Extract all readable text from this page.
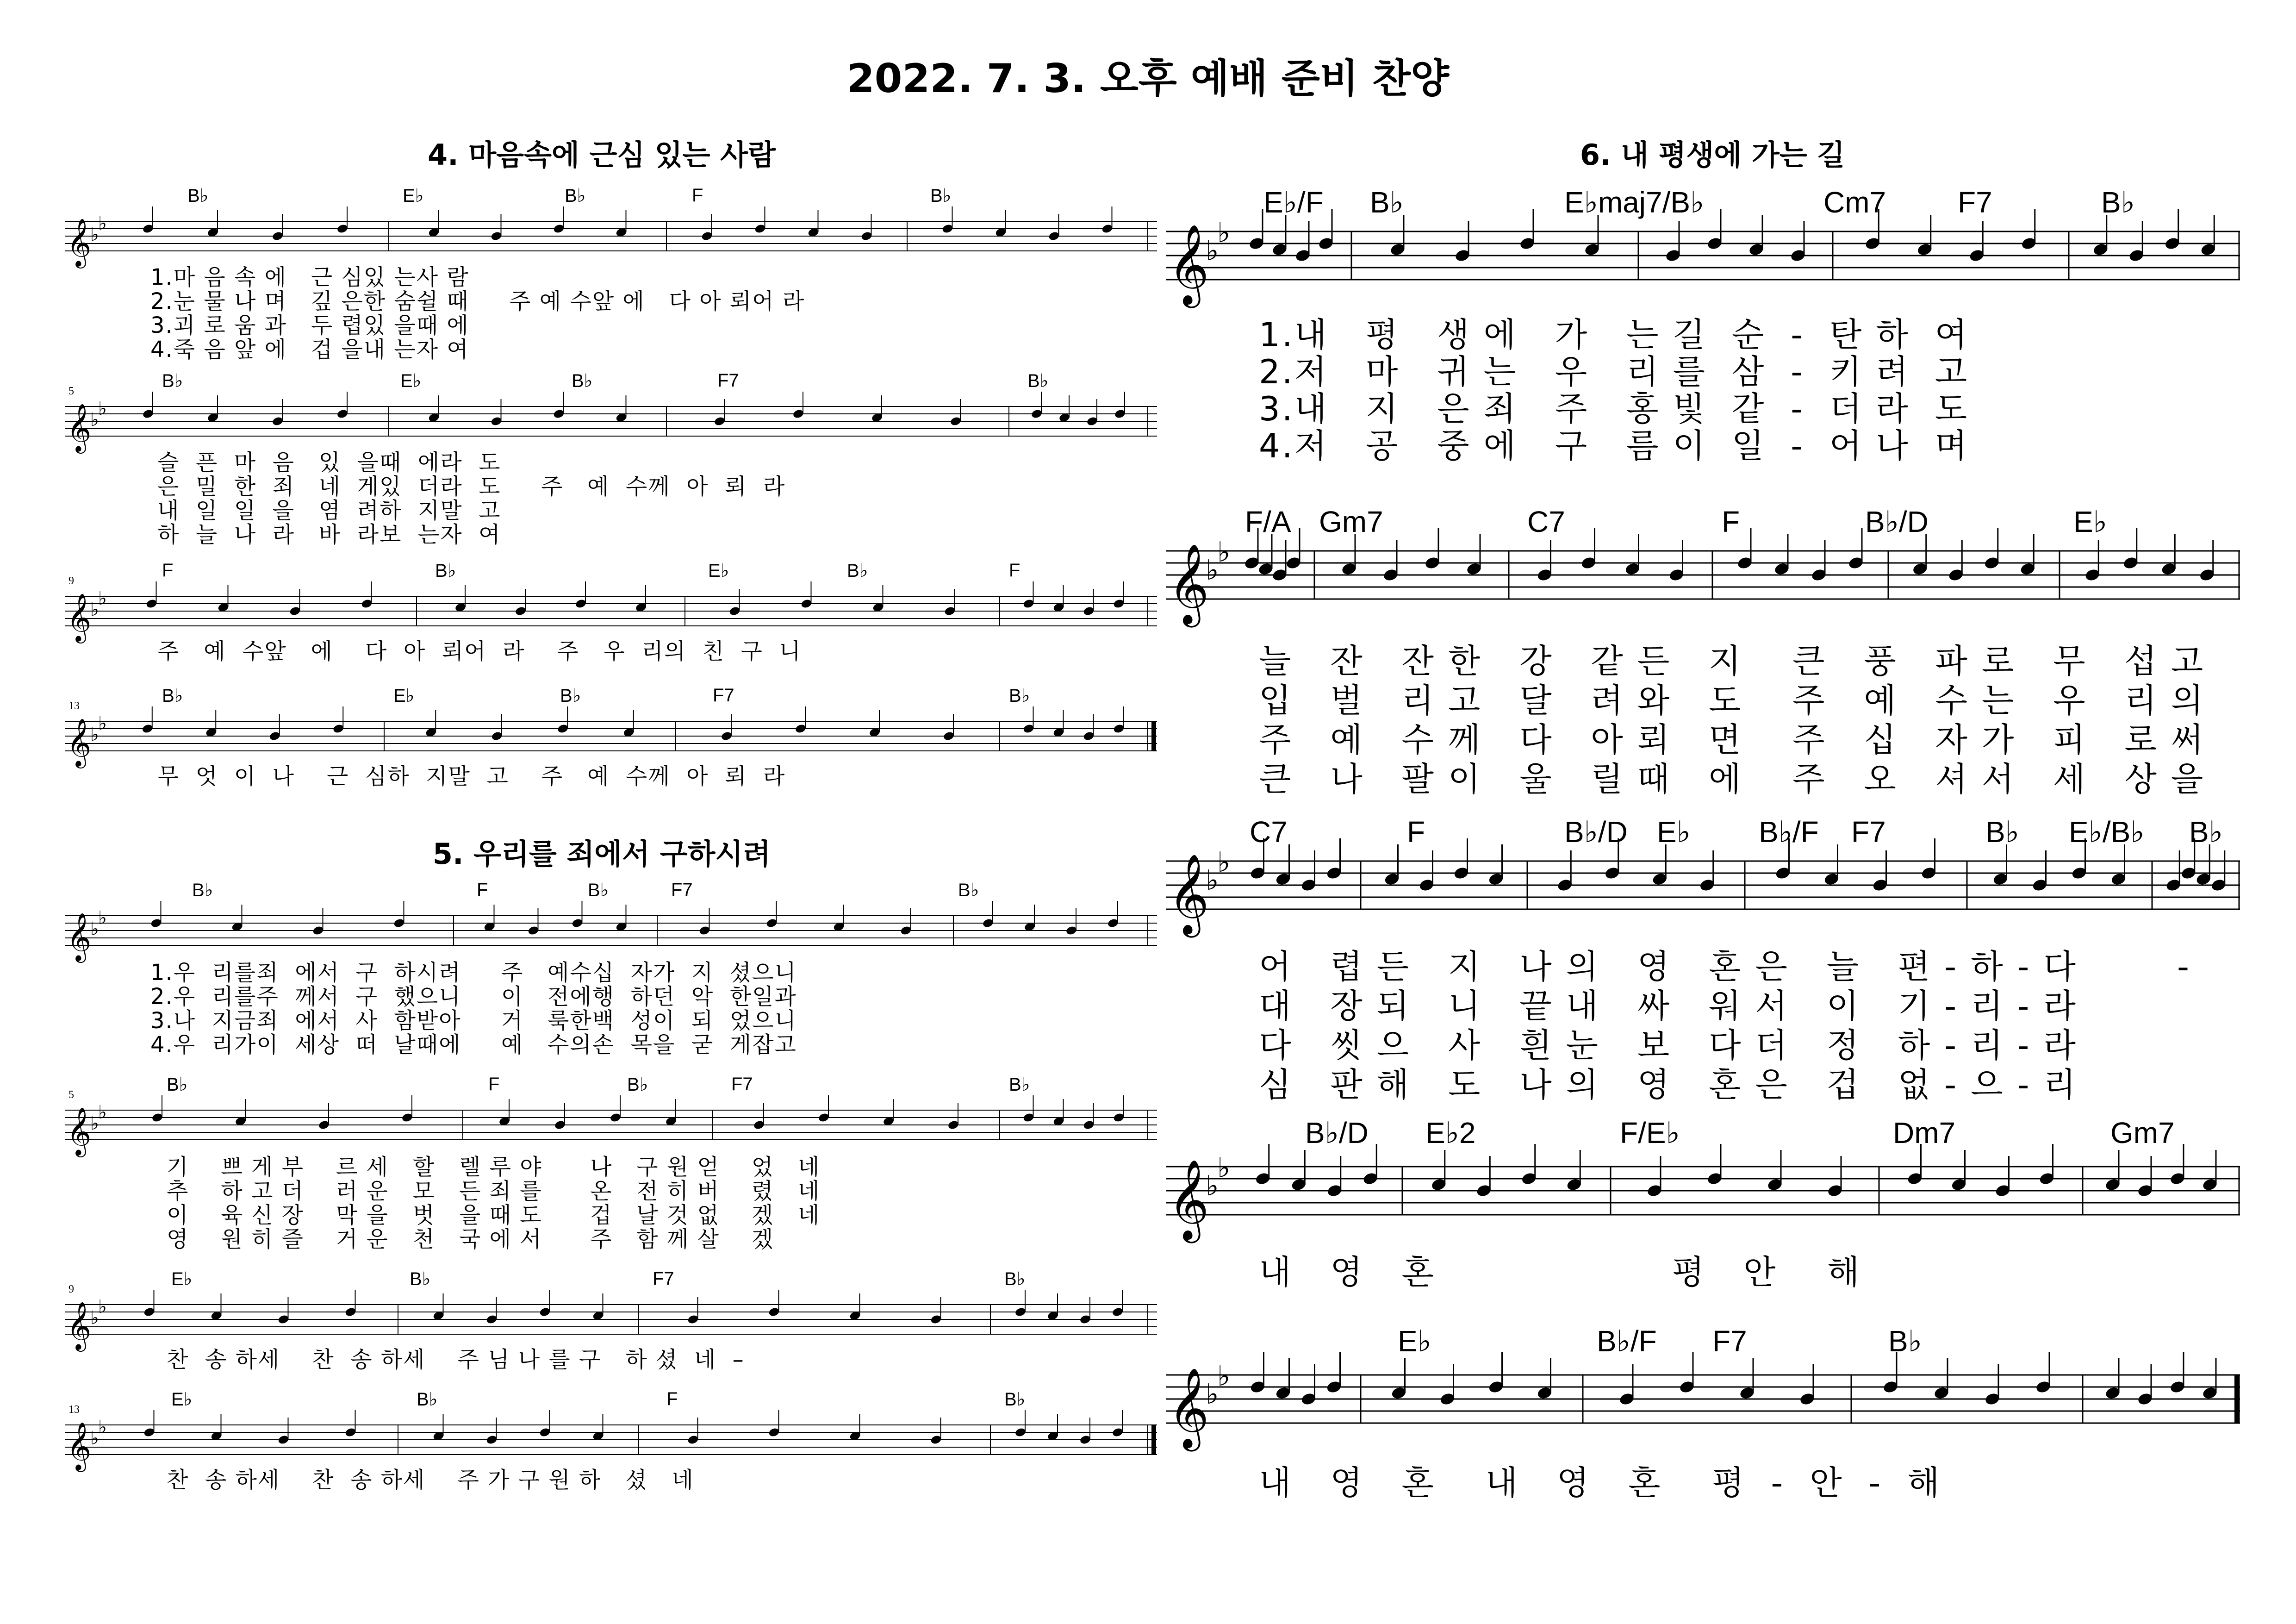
2022. 7. 3. 오후 예배 준비 찬양
4. 마음속에 근심 있는 사람
B♭	E♭	B♭	F	B♭
𝄞
♭
♭
1.마 음 속 에   근 심있 는사 람
2.눈 물 나 며   깊 은한 숨쉴 때     주 예 수앞 에   다 아 뢰어 라
3.괴 로 움 과   두 렵있 을때 에
4.죽 음 앞 에   겁 을내 는자 여
5	B♭	E♭	B♭	F7	B♭
𝄞
♭
♭
슬  픈  마  음   있  을때  에라  도
은  밀  한  죄   네  게있  더라  도     주   예  수께  아  뢰  라
내  일  일  을   염  려하  지말  고
하  늘  나  라   바  라보  는자  여
9
F	B♭	E♭	B♭	F
𝄞
♭
♭
주   예  수앞   에    다  아  뢰어  라    주   우  리의  친  구  니
13	B♭	E♭	B♭	F7	B♭
𝄞
♭
♭
무  엇  이  나    근  심하  지말  고    주   예  수께  아  뢰  라
5. 우리를 죄에서 구하시려
B♭	F	B♭	F7	B♭
𝄞
♭
♭
1.우  리를죄  에서  구  하시려     주   예수십  자가  지  셨으니
2.우  리를주  께서  구  했으니     이   전에행  하던  악  한일과
3.나  지금죄  에서  사  함받아     거   룩한백  성이  되  었으니
4.우  리가이  세상  떠  날때에     예   수의손  목을  굳  게잡고
5	B♭	F	B♭	F7	B♭
𝄞
♭
♭
기    쁘 게 부    르 세   할   렐 루 야      나   구 원 얻    었   네
추    하 고 더    러 운   모   든 죄 를      온   전 히 버    렸   네
이    육 신 장    막 을   벗   을 때 도      겁   날 것 없    겠   네
영    원 히 즐    거 운   천   국 에 서      주   함 께 살    겠
9	E♭	B♭	F7	B♭
𝄞
♭
♭
찬  송 하세    찬  송 하세    주 님 나 를 구   하 셨  네  –
13	E♭	B♭	F	B♭
𝄞
♭
♭
찬  송 하세    찬  송 하세    주 가 구 원 하   셨   네
6. 내 평생에 가는 길
E♭/F B♭	E♭maj7/B♭	Cm7 F7	B♭
𝄞
♭
♭
1.내   평   생 에   가   는 길  순  -  탄 하  여
2.저   마   귀 는   우   리 를  삼  -  키 려  고
3.내   지   은 죄   주   홍 빛  같  -  더 라  도
4.저   공   중 에   구   름 이  일  -  어 나  며
F/A Gm7	C7	F	B♭/D	E♭
𝄞
♭
♭
늘   잔   잔 한   강   같 든   지    큰   풍   파 로   무   섭 고
입   벌   리 고   달   려 와   도    주   예   수 는   우   리 의
주   예   수 께   다   아 뢰   면    주   십   자 가   피   로 써
큰   나   팔 이   울   릴 때   에    주   오   셔 서   세   상 을
C7	F	B♭/D E♭ B♭/F F7	B♭ E♭/B♭ B♭
𝄞
♭
♭
어   렵 든   지   나 의   영   혼 은   늘   편 - 하 - 다        -
대   장 되   니   끝 내   싸   워 서   이   기 - 리 - 라
다   씻 으   사   흰 눈   보   다 더   정   하 - 리 - 라
심   판 해   도   나 의   영   혼 은   겁   없 - 으 - 리
B♭/D E♭2	F/E♭	Dm7	Gm7
𝄞
♭
♭
내   영   혼                   평   안    해
E♭	B♭/F F7	B♭
𝄞
♭
♭
내   영   혼    내   영   혼    평  -  안  -  해
